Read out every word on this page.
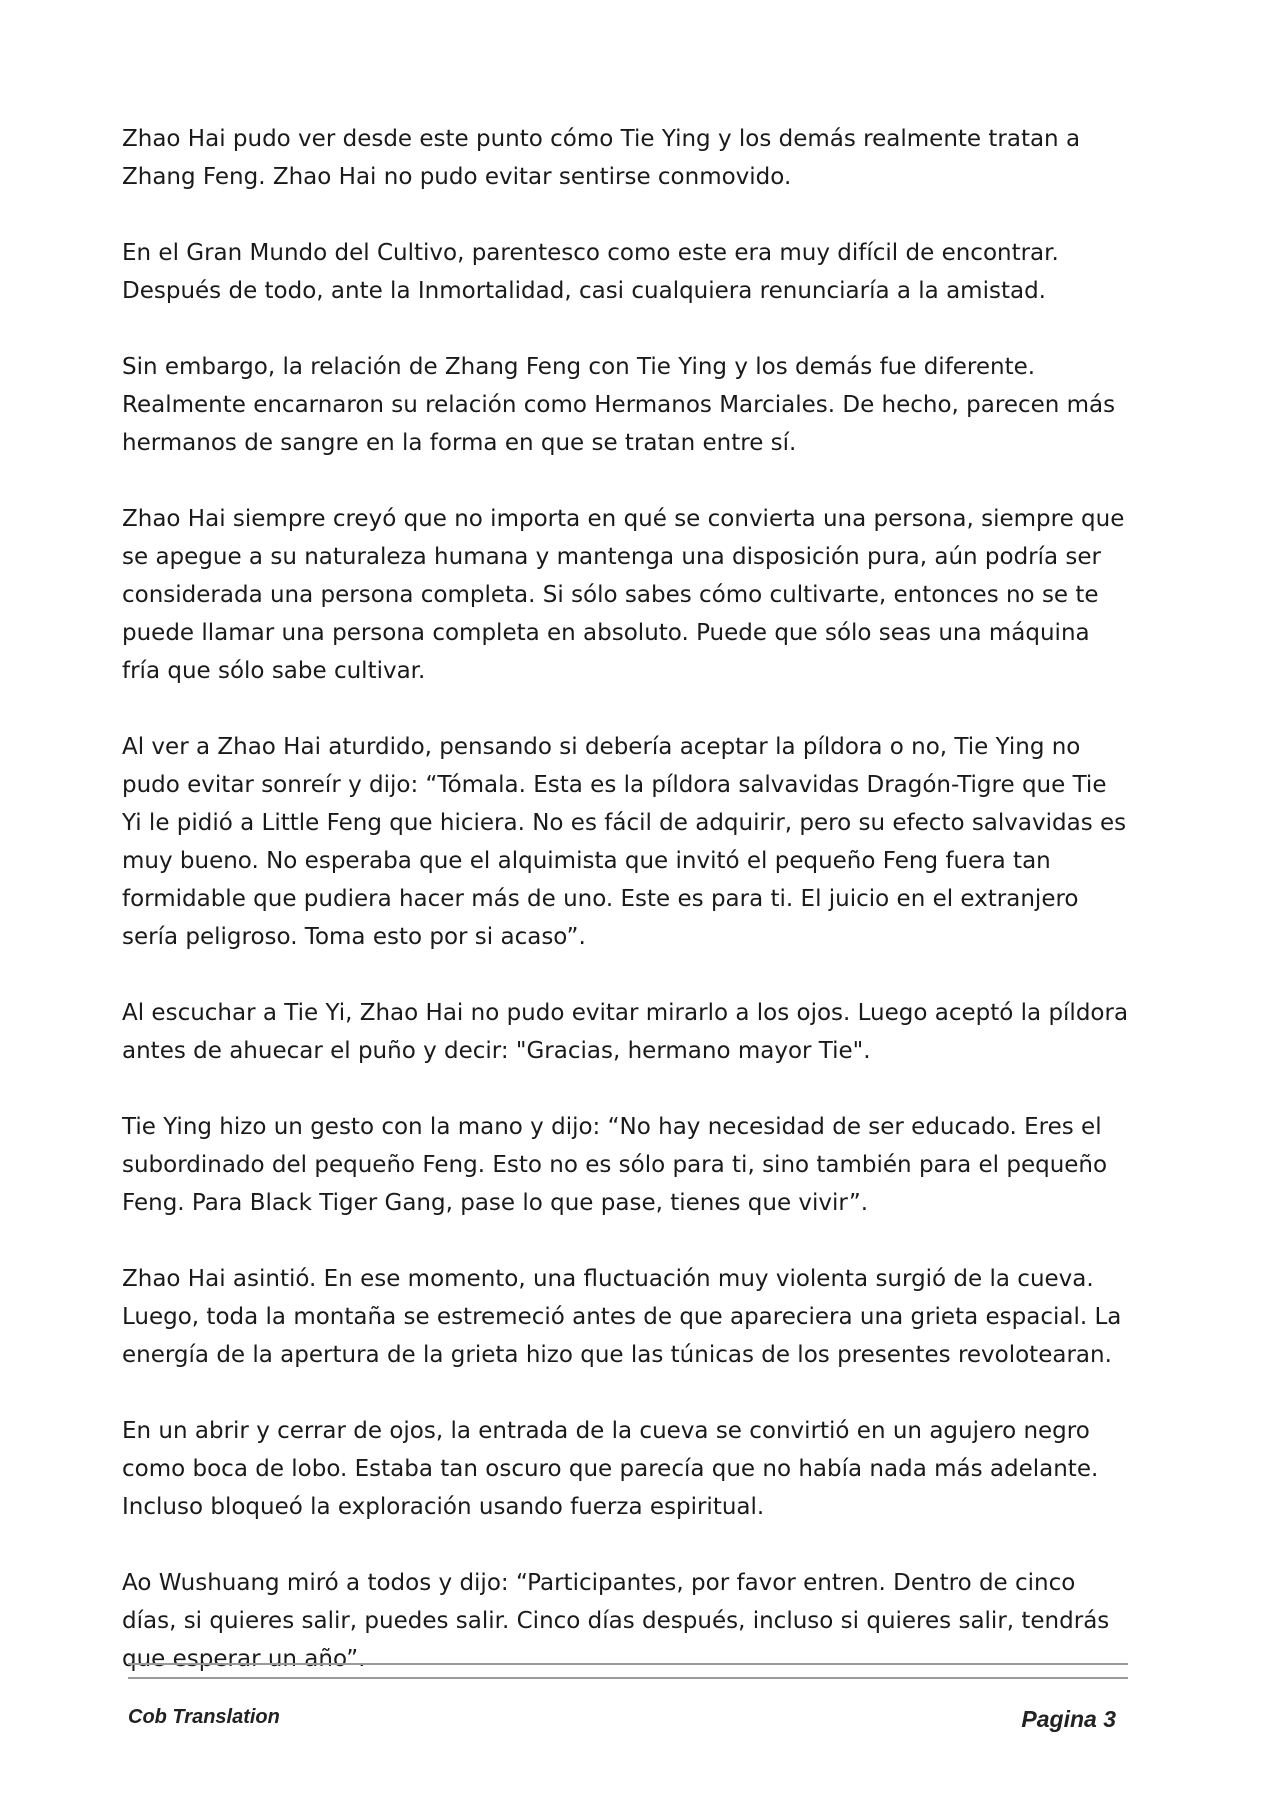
Zhao Hai pudo ver desde este punto cómo Tie Ying y los demás realmente tratan a Zhang Feng. Zhao Hai no pudo evitar sentirse conmovido.

En el Gran Mundo del Cultivo, parentesco como este era muy difícil de encontrar. Después de todo, ante la Inmortalidad, casi cualquiera renunciaría a la amistad.

Sin embargo, la relación de Zhang Feng con Tie Ying y los demás fue diferente. Realmente encarnaron su relación como Hermanos Marciales. De hecho, parecen más hermanos de sangre en la forma en que se tratan entre sí.

Zhao Hai siempre creyó que no importa en qué se convierta una persona, siempre que se apegue a su naturaleza humana y mantenga una disposición pura, aún podría ser considerada una persona completa. Si sólo sabes cómo cultivarte, entonces no se te puede llamar una persona completa en absoluto. Puede que sólo seas una máquina fría que sólo sabe cultivar.

Al ver a Zhao Hai aturdido, pensando si debería aceptar la píldora o no, Tie Ying no pudo evitar sonreír y dijo: “Tómala. Esta es la píldora salvavidas Dragón-Tigre que Tie Yi le pidió a Little Feng que hiciera. No es fácil de adquirir, pero su efecto salvavidas es muy bueno. No esperaba que el alquimista que invitó el pequeño Feng fuera tan formidable que pudiera hacer más de uno. Este es para ti. El juicio en el extranjero sería peligroso. Toma esto por si acaso”.

Al escuchar a Tie Yi, Zhao Hai no pudo evitar mirarlo a los ojos. Luego aceptó la píldora antes de ahuecar el puño y decir: "Gracias, hermano mayor Tie".

Tie Ying hizo un gesto con la mano y dijo: “No hay necesidad de ser educado. Eres el subordinado del pequeño Feng. Esto no es sólo para ti, sino también para el pequeño Feng. Para Black Tiger Gang, pase lo que pase, tienes que vivir”.

Zhao Hai asintió. En ese momento, una fluctuación muy violenta surgió de la cueva. Luego, toda la montaña se estremeció antes de que apareciera una grieta espacial. La energía de la apertura de la grieta hizo que las túnicas de los presentes revolotearan.

En un abrir y cerrar de ojos, la entrada de la cueva se convirtió en un agujero negro como boca de lobo. Estaba tan oscuro que parecía que no había nada más adelante. Incluso bloqueó la exploración usando fuerza espiritual.

Ao Wushuang miró a todos y dijo: “Participantes, por favor entren. Dentro de cinco días, si quieres salir, puedes salir. Cinco días después, incluso si quieres salir, tendrás que esperar un año”.

Cob Translation	Pagina 3
